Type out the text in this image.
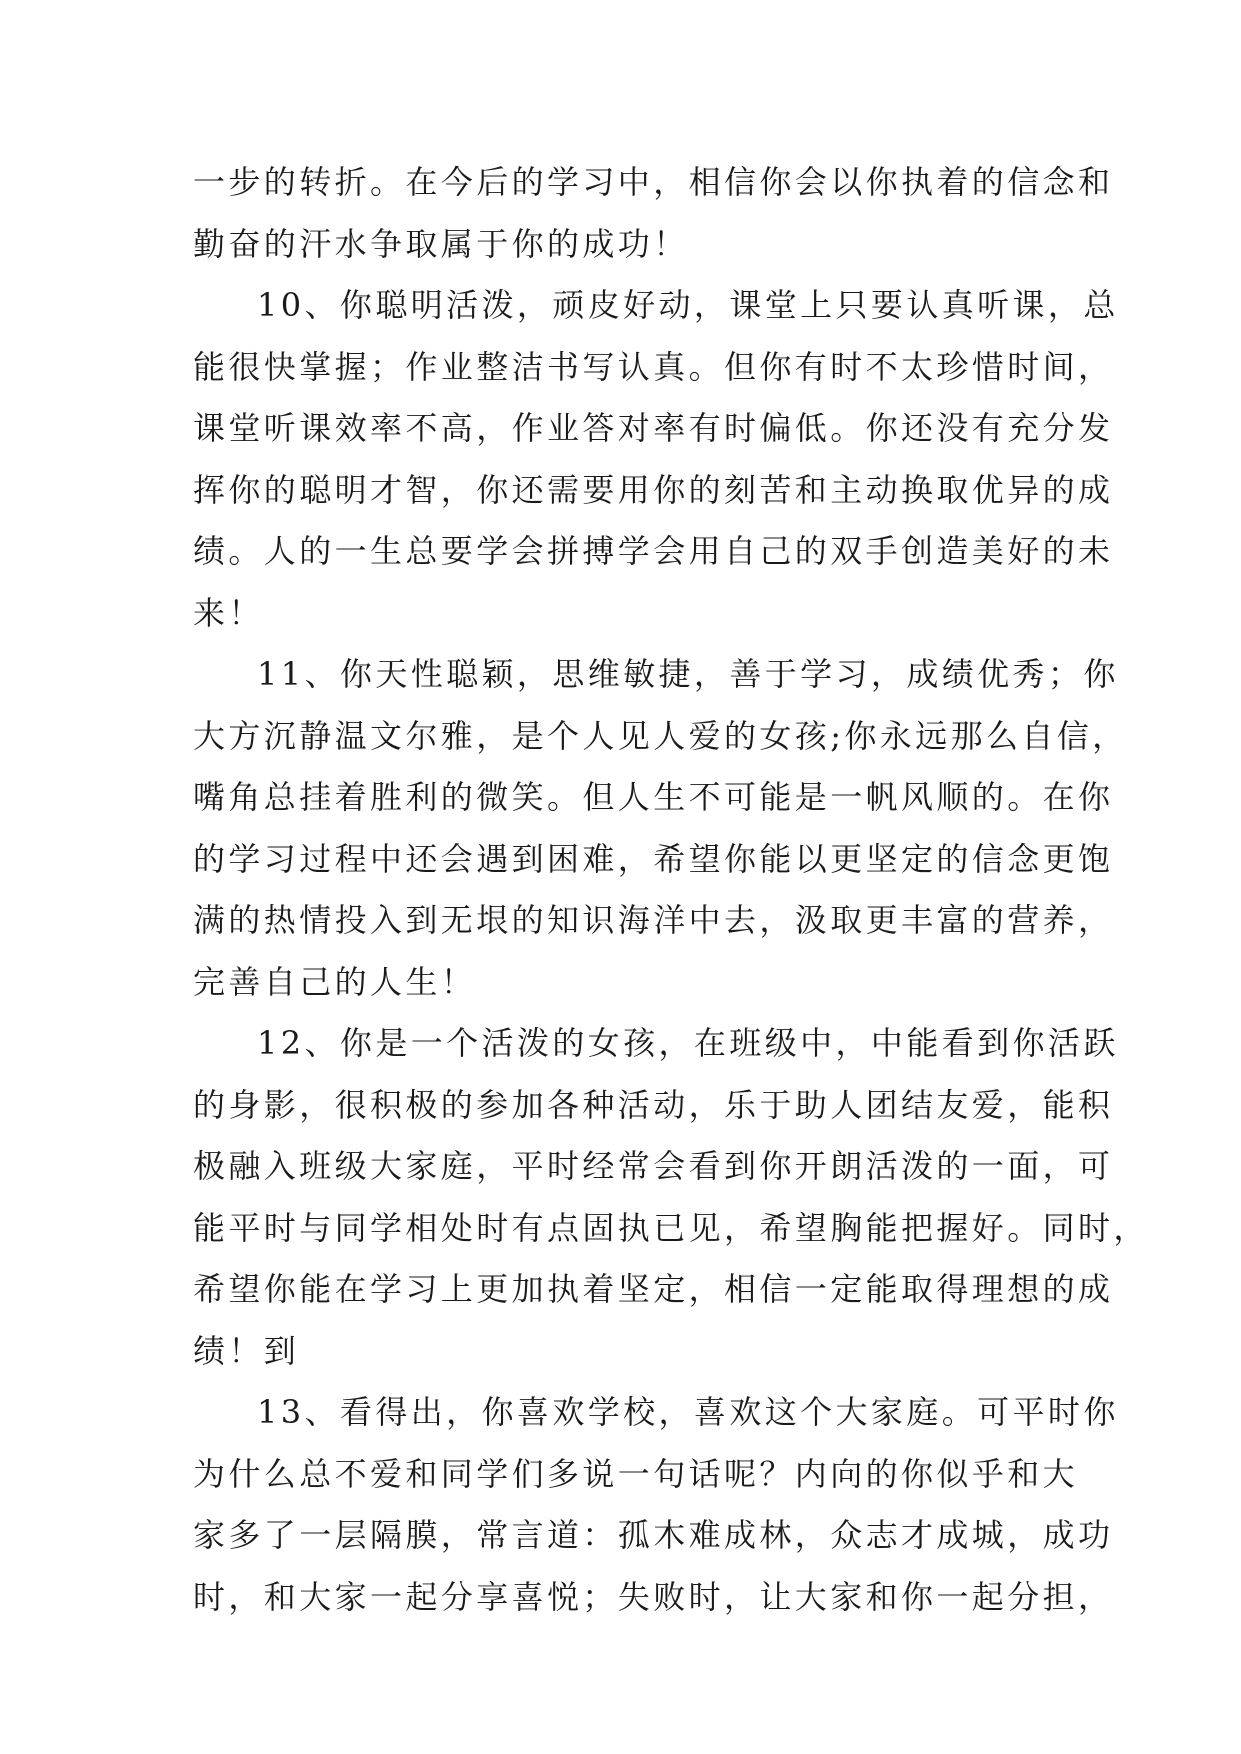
一步的转折。在今后的学习中，相信你会以你执着的信念和
勤奋的汗水争取属于你的成功！
10、你聪明活泼，顽皮好动，课堂上只要认真听课，总
能很快掌握；作业整洁书写认真。但你有时不太珍惜时间，
课堂听课效率不高，作业答对率有时偏低。你还没有充分发
挥你的聪明才智，你还需要用你的刻苦和主动换取优异的成
绩。人的一生总要学会拼搏学会用自己的双手创造美好的未
来！
11、你天性聪颖，思维敏捷，善于学习，成绩优秀；你
大方沉静温文尔雅，是个人见人爱的女孩;你永远那么自信，
嘴角总挂着胜利的微笑。但人生不可能是一帆风顺的。在你
的学习过程中还会遇到困难，希望你能以更坚定的信念更饱
满的热情投入到无垠的知识海洋中去，汲取更丰富的营养，
完善自己的人生！
12、你是一个活泼的女孩，在班级中，中能看到你活跃
的身影，很积极的参加各种活动，乐于助人团结友爱，能积
极融入班级大家庭，平时经常会看到你开朗活泼的一面，可
能平时与同学相处时有点固执已见，希望胸能把握好。同时，
希望你能在学习上更加执着坚定，相信一定能取得理想的成
绩！到
13、看得出，你喜欢学校，喜欢这个大家庭。可平时你
为什么总不爱和同学们多说一句话呢？内向的你似乎和大
家多了一层隔膜，常言道：孤木难成林，众志才成城，成功
时，和大家一起分享喜悦；失败时，让大家和你一起分担，
